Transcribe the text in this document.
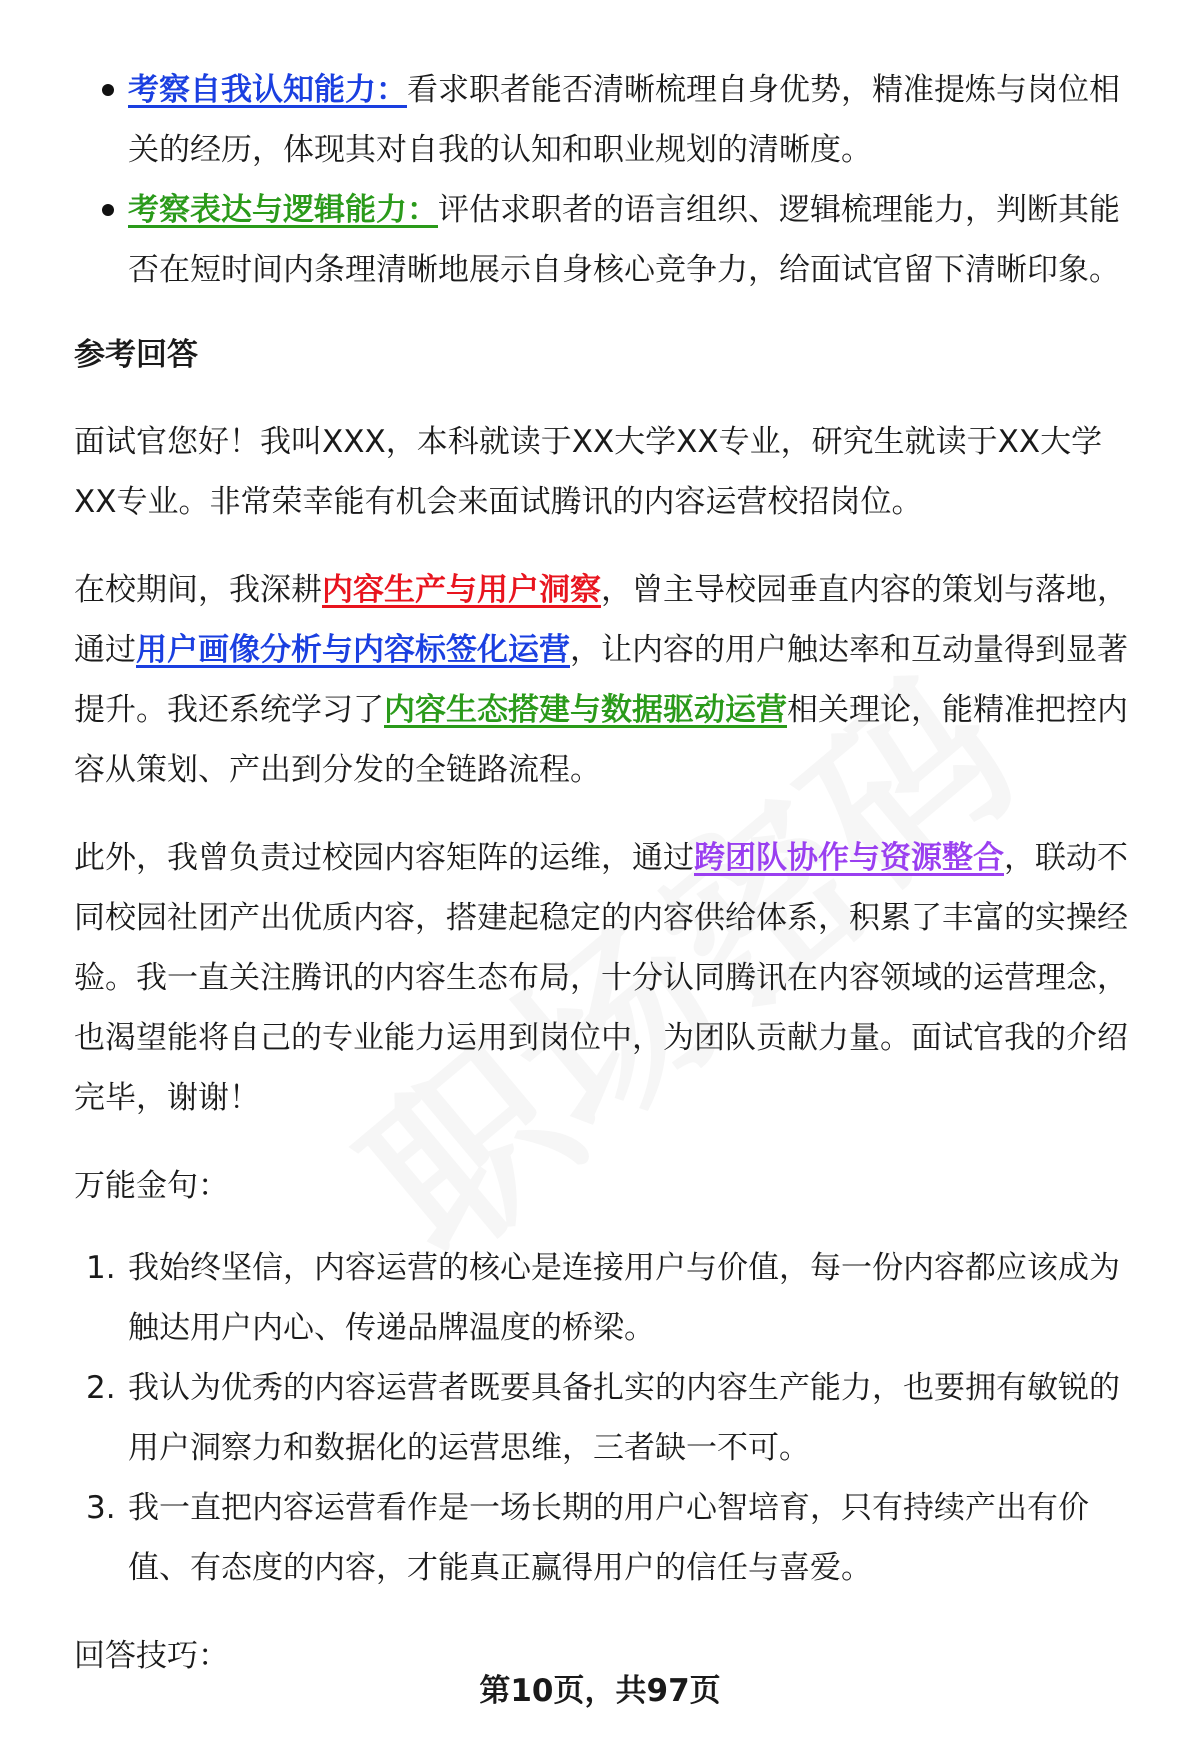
考察自我认知能力：看求职者能否清晰梳理自身优势，精准提炼与岗位相关的经历，体现其对自我的认知和职业规划的清晰度。
考察表达与逻辑能力：评估求职者的语言组织、逻辑梳理能力，判断其能否在短时间内条理清晰地展示自身核心竞争力，给面试官留下清晰印象。
参考回答

面试官您好！我叫XXX，本科就读于XX大学XX专业，研究生就读于XX大学XX专业。非常荣幸能有机会来面试腾讯的内容运营校招岗位。

在校期间，我深耕内容生产与用户洞察，曾主导校园垂直内容的策划与落地，通过用户画像分析与内容标签化运营，让内容的用户触达率和互动量得到显著提升。我还系统学习了内容生态搭建与数据驱动运营相关理论，能精准把控内容从策划、产出到分发的全链路流程。

此外，我曾负责过校园内容矩阵的运维，通过跨团队协作与资源整合，联动不同校园社团产出优质内容，搭建起稳定的内容供给体系，积累了丰富的实操经验。我一直关注腾讯的内容生态布局，十分认同腾讯在内容领域的运营理念，也渴望能将自己的专业能力运用到岗位中，为团队贡献力量。面试官我的介绍完毕，谢谢！

万能金句：

1. 我始终坚信，内容运营的核心是连接用户与价值，每一份内容都应该成为触达用户内心、传递品牌温度的桥梁。
2. 我认为优秀的内容运营者既要具备扎实的内容生产能力，也要拥有敏锐的用户洞察力和数据化的运营思维，三者缺一不可。
3. 我一直把内容运营看作是一场长期的用户心智培育，只有持续产出有价值、有态度的内容，才能真正赢得用户的信任与喜爱。

回答技巧：

第10页，共97页
